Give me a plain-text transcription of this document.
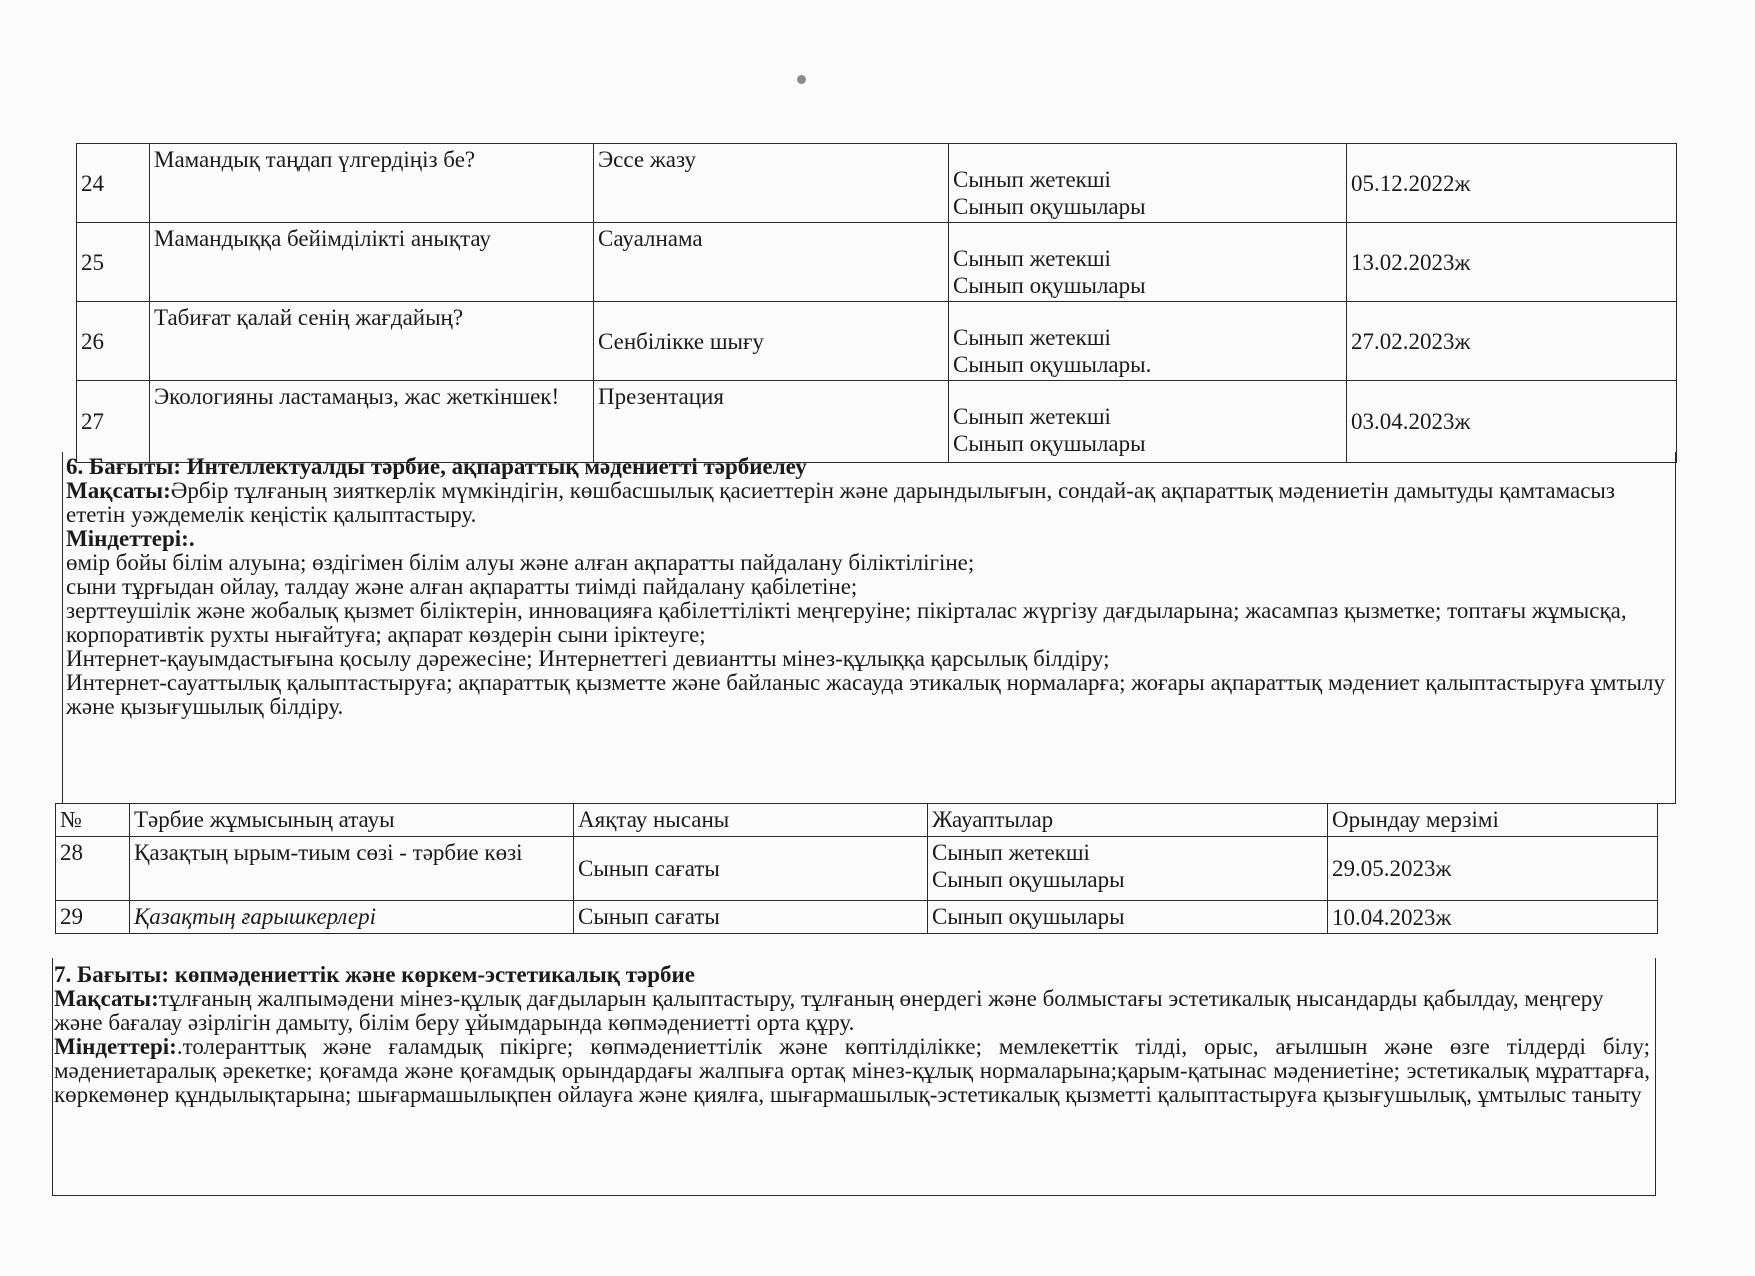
24	Мамандық таңдап үлгердіңіз бе?	Эссе жазу	Сынып жетекші
Сынып оқушылары	05.12.2022ж
25	Мамандыққа бейімділікті анықтау	Сауалнама	Сынып жетекші
Сынып оқушылары	13.02.2023ж
26	Табиғат қалай сенің жағдайың?	Сенбілікке шығу	Сынып жетекші
Сынып оқушылары.	27.02.2023ж
27	Экологияны ластамаңыз, жас жеткіншек!	Презентация	Сынып жетекші
Сынып оқушылары	03.04.2023ж

6. Бағыты: Интеллектуалды тәрбие, ақпараттық мәдениетті тәрбиелеу

Мақсаты:Әрбір тұлғаның зияткерлік мүмкіндігін, көшбасшылық қасиеттерін және дарындылығын, сондай-ақ ақпараттық мәдениетін дамытуды қамтамасыз ететін уәждемелік кеңістік қалыптастыру.

Міндеттері:.

өмір бойы білім алуына; өздігімен білім алуы және алған ақпаратты пайдалану біліктілігіне;

сыни тұрғыдан ойлау, талдау және алған ақпаратты тиімді пайдалану қабілетіне;

зерттеушілік және жобалық қызмет біліктерін, инновацияға қабілеттілікті меңгеруіне; пікірталас жүргізу дағдыларына; жасампаз қызметке; топтағы жұмысқа, корпоративтік рухты нығайтуға; ақпарат көздерін сыни іріктеуге;

Интернет-қауымдастығына қосылу дәрежесіне; Интернеттегі девиантты мінез-құлыққа қарсылық білдіру;

Интернет-сауаттылық қалыптастыруға; ақпараттық қызметте және байланыс жасауда этикалық нормаларға; жоғары ақпараттық мәдениет қалыптастыруға ұмтылу және қызығушылық білдіру.

№	Тәрбие жұмысының атауы	Аяқтау нысаны	Жауаптылар	Орындау мерзімі
28	Қазақтың ырым-тиым сөзі - тәрбие көзі	Сынып сағаты	Сынып жетекші
Сынып оқушылары	29.05.2023ж
29	Қазақтың ғарышкерлері	Сынып сағаты	Сынып оқушылары	10.04.2023ж

7. Бағыты: көпмәдениеттік және көркем-эстетикалық тәрбие

Мақсаты:тұлғаның жалпымәдени мінез-құлық дағдыларын қалыптастыру, тұлғаның өнердегі және болмыстағы эстетикалық нысандарды қабылдау, меңгеру және бағалау әзірлігін дамыту, білім беру ұйымдарында көпмәдениетті орта құру.

Міндеттері:.толеранттық және ғаламдық пікірге; көпмәдениеттілік және көптілділікке; мемлекеттік тілді, орыс, ағылшын және өзге тілдерді білу; мәдениетаралық әрекетке; қоғамда және қоғамдық орындардағы жалпыға ортақ мінез-құлық нормаларына;қарым-қатынас мәдениетіне; эстетикалық мұраттарға, көркемөнер құндылықтарына; шығармашылықпен ойлауға және қиялға, шығармашылық-эстетикалық қызметті қалыптастыруға қызығушылық, ұмтылыс таныту
